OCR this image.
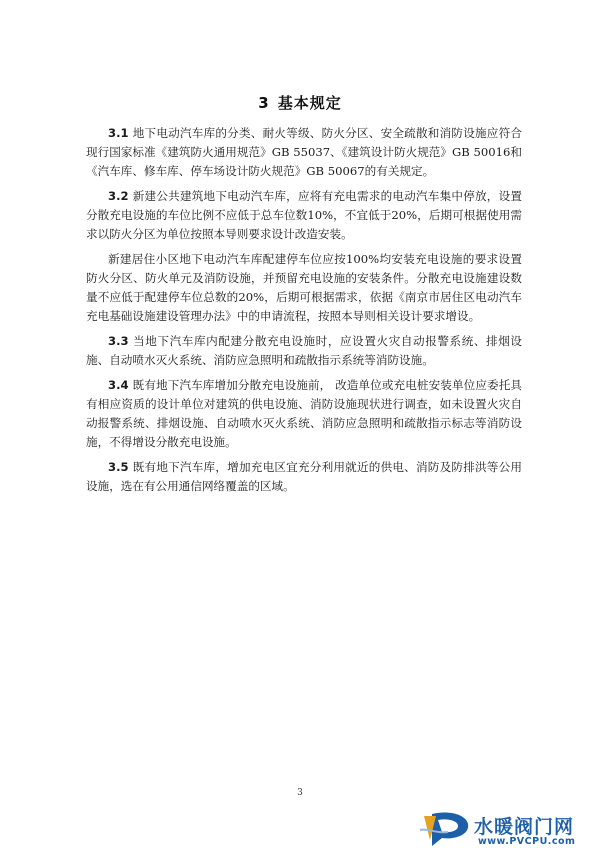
3 基本规定

3.1 地下电动汽车库的分类、耐火等级、防火分区、安全疏散和消防设施应符合现行国家标准《建筑防火通用规范》GB 55037、《建筑设计防火规范》GB 50016和《汽车库、修车库、停车场设计防火规范》GB 50067的有关规定。

3.2 新建公共建筑地下电动汽车库，应将有充电需求的电动汽车集中停放，设置分散充电设施的车位比例不应低于总车位数10%，不宜低于20%，后期可根据使用需求以防火分区为单位按照本导则要求设计改造安装。

新建居住小区地下电动汽车库配建停车位应按100%均安装充电设施的要求设置防火分区、防火单元及消防设施，并预留充电设施的安装条件。分散充电设施建设数量不应低于配建停车位总数的20%，后期可根据需求，依据《南京市居住区电动汽车充电基础设施建设管理办法》中的申请流程，按照本导则相关设计要求增设。

3.3 当地下汽车库内配建分散充电设施时，应设置火灾自动报警系统、排烟设施、自动喷水灭火系统、消防应急照明和疏散指示系统等消防设施。

3.4 既有地下汽车库增加分散充电设施前， 改造单位或充电桩安装单位应委托具有相应资质的设计单位对建筑的供电设施、消防设施现状进行调查，如未设置火灾自动报警系统、排烟设施、自动喷水灭火系统、消防应急照明和疏散指示标志等消防设施，不得增设分散充电设施。

3.5 既有地下汽车库，增加充电区宜充分利用就近的供电、消防及防排洪等公用设施，选在有公用通信网络覆盖的区域。

3
水暖阀门网
www.PVCPU.com
